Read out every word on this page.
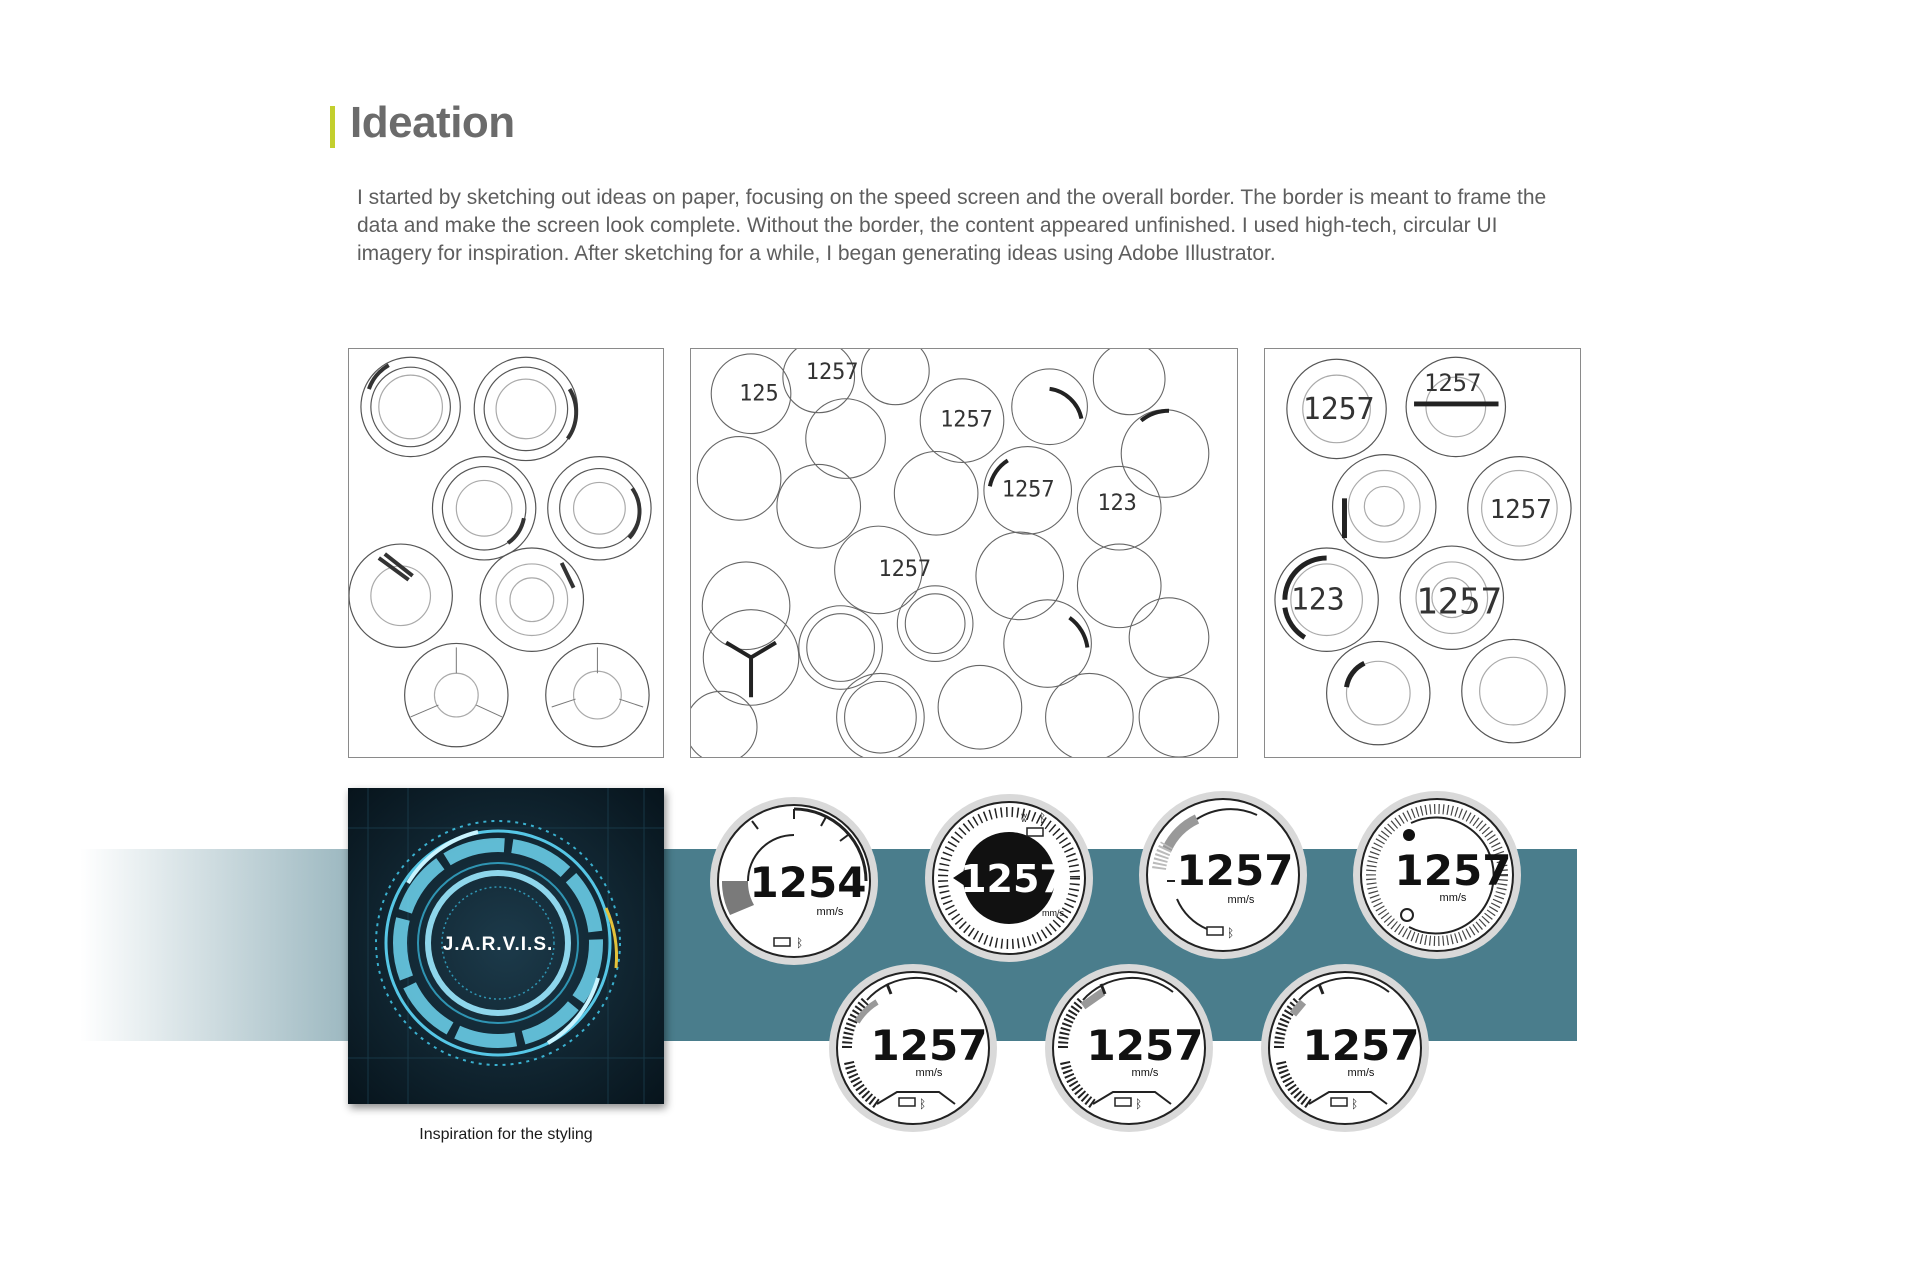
Ideation

I started by sketching out ideas on paper, focusing on the speed screen and the overall border. The border is meant to frame the data and make the screen look complete. Without the border, the content appeared unfinished. I used high-tech, circular UI imagery for inspiration. After sketching for a while, I began generating ideas using Adobe Illustrator.

1257
125
1257
1257
1257
123
1257
1257
1257
123 1257
J.A.R.V.I.S.
Inspiration for the styling
1254
mm/s
ᛒ
1257
mm/s
ʬ ᛒ
1257
mm/s
ᛒ
1257
mm/s
1257
mm/s
ᛒ
1257
mm/s
ᛒ
1257
mm/s
ᛒ
